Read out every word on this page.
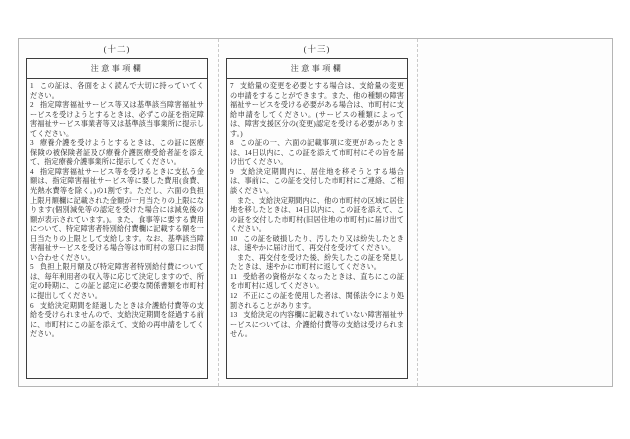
(十二)
注意事項欄

1 この証は、各面をよく読んで大切に持っていてください。

2 指定障害福祉サービス等又は基準該当障害福祉サービスを受けようとするときは、必ずこの証を指定障害福祉サービス事業者等又は基準該当事業所に提示してください。

3 療養介護を受けようとするときは、この証に医療保険の被保険者証及び療養介護医療受給者証を添えて、指定療養介護事業所に提示してください。

4 指定障害福祉サービス等を受けるときに支払う金額は、指定障害福祉サービス等に要した費用(食費、光熱水費等を除く。)の1割です。ただし、六面の負担上限月額欄に記載された金額が一月当たりの上限になります(個別減免等の認定を受けた場合には減免後の額が表示されています。)。また、食事等に要する費用について、特定障害者特別給付費欄に記載する額を一日当たりの上限として支給します。なお、基準該当障害福祉サービスを受ける場合等は市町村の窓口にお問い合わせください。

5 負担上限月額及び特定障害者特別給付費については、毎年利用者の収入等に応じて決定しますので、所定の時期に、この証と認定に必要な関係書類を市町村に提出してください。

6 支給決定期間を経過したときは介護給付費等の支給を受けられませんので、支給決定期間を経過する前に、市町村にこの証を添えて、支給の再申請をしてください。

(十三)
注意事項欄

7 支給量の変更を必要とする場合は、支給量の変更の申請をすることができます。また、他の種類の障害福祉サービスを受ける必要がある場合は、市町村に支給申請をしてください。(サービスの種類によっては、障害支援区分の(変更)認定を受ける必要があります。)

8 この証の一、六面の記載事項に変更があったときは、14日以内に、この証を添えて市町村にその旨を届け出てください。

9 支給決定期間内に、居住地を移そうとする場合は、事前に、この証を交付した市町村にご連絡、ご相談ください。

また、支給決定期間内に、他の市町村の区域に居住地を移したときは、14日以内に、この証を添えて、この証を交付した市町村(旧居住地の市町村)に届け出てください。

10 この証を破損したり、汚したり又は紛失したときは、速やかに届け出て、再交付を受けてください。

また、再交付を受けた後、紛失したこの証を発見したときは、速やかに市町村に返してください。

11 受給者の資格がなくなったときは、直ちにこの証を市町村に返してください。

12 不正にこの証を使用した者は、関係法令により処罰されることがあります。

13 支給決定の内容欄に記載されていない障害福祉サービスについては、介護給付費等の支給は受けられません。
